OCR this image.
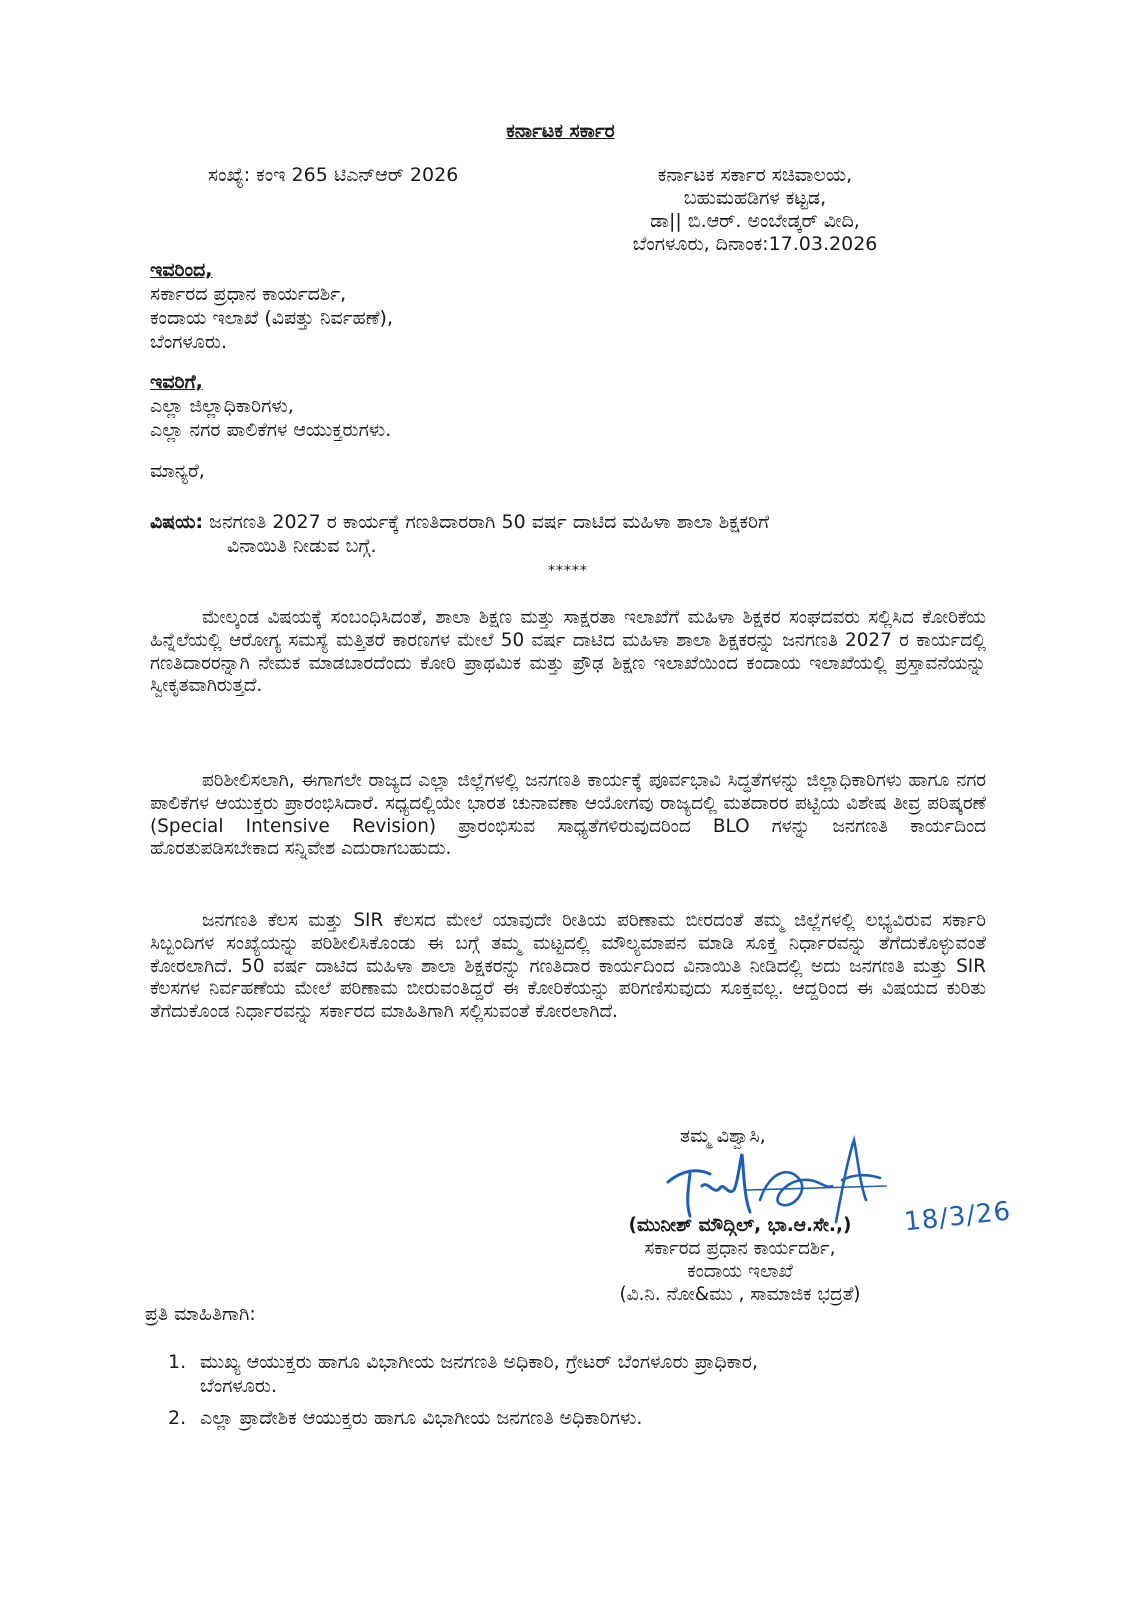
ಕರ್ನಾಟಕ ಸರ್ಕಾರ
ಸಂಖ್ಯೆ: ಕಂಇ 265 ಟಿಎನ್‌ಆರ್ 2026	ಕರ್ನಾಟಕ ಸರ್ಕಾರ ಸಚಿವಾಲಯ,
ಬಹುಮಹಡಿಗಳ ಕಟ್ಟಡ,
ಡಾ|| ಬಿ.ಆರ್. ಅಂಬೇಡ್ಕರ್ ವೀದಿ,
ಬೆಂಗಳೂರು, ದಿನಾಂಕ:17.03.2026
ಇವರಿಂದ,
ಸರ್ಕಾರದ ಪ್ರಧಾನ ಕಾರ್ಯದರ್ಶಿ,
ಕಂದಾಯ ಇಲಾಖೆ (ವಿಪತ್ತು ನಿರ್ವಹಣೆ),
ಬೆಂಗಳೂರು.
ಇವರಿಗೆ,
ಎಲ್ಲಾ ಜಿಲ್ಲಾಧಿಕಾರಿಗಳು,
ಎಲ್ಲಾ ನಗರ ಪಾಲಿಕೆಗಳ ಆಯುಕ್ತರುಗಳು.
ಮಾನ್ಯರೆ,
ವಿಷಯ: ಜನಗಣತಿ 2027 ರ ಕಾರ್ಯಕ್ಕೆ ಗಣತಿದಾರರಾಗಿ 50 ವರ್ಷ ದಾಟಿದ ಮಹಿಳಾ ಶಾಲಾ ಶಿಕ್ಷಕರಿಗೆ
ವಿನಾಯಿತಿ ನೀಡುವ ಬಗ್ಗೆ.
*****

ಮೇಲ್ಕಂಡ ವಿಷಯಕ್ಕೆ ಸಂಬಂಧಿಸಿದಂತೆ, ಶಾಲಾ ಶಿಕ್ಷಣ ಮತ್ತು ಸಾಕ್ಷರತಾ ಇಲಾಖೆಗೆ ಮಹಿಳಾ ಶಿಕ್ಷಕರ ಸಂಘದವರು ಸಲ್ಲಿಸಿದ ಕೋರಿಕೆಯ ಹಿನ್ನೆಲೆಯಲ್ಲಿ ಆರೋಗ್ಯ ಸಮಸ್ಯೆ ಮತ್ತಿತರೆ ಕಾರಣಗಳ ಮೇಲೆ 50 ವರ್ಷ ದಾಟಿದ ಮಹಿಳಾ ಶಾಲಾ ಶಿಕ್ಷಕರನ್ನು ಜನಗಣತಿ 2027 ರ ಕಾರ್ಯದಲ್ಲಿ ಗಣತಿದಾರರನ್ನಾಗಿ ನೇಮಕ ಮಾಡಬಾರದೆಂದು ಕೋರಿ ಪ್ರಾಥಮಿಕ ಮತ್ತು ಪ್ರೌಢ ಶಿಕ್ಷಣ ಇಲಾಖೆಯಿಂದ ಕಂದಾಯ ಇಲಾಖೆಯಲ್ಲಿ ಪ್ರಸ್ತಾವನೆಯನ್ನು ಸ್ವೀಕೃತವಾಗಿರುತ್ತದೆ.

ಪರಿಶೀಲಿಸಲಾಗಿ, ಈಗಾಗಲೇ ರಾಜ್ಯದ ಎಲ್ಲಾ ಜಿಲ್ಲೆಗಳಲ್ಲಿ ಜನಗಣತಿ ಕಾರ್ಯಕ್ಕೆ ಪೂರ್ವಭಾವಿ ಸಿದ್ಧತೆಗಳನ್ನು ಜಿಲ್ಲಾಧಿಕಾರಿಗಳು ಹಾಗೂ ನಗರ ಪಾಲಿಕೆಗಳ ಆಯುಕ್ತರು ಪ್ರಾರಂಭಿಸಿದಾರೆ. ಸಧ್ಯದಲ್ಲಿಯೇ ಭಾರತ ಚುನಾವಣಾ ಆಯೋಗವು ರಾಜ್ಯದಲ್ಲಿ ಮತದಾರರ ಪಟ್ಟಿಯ ವಿಶೇಷ ತೀವ್ರ ಪರಿಷ್ಕರಣೆ (Special Intensive Revision) ಪ್ರಾರಂಭಿಸುವ ಸಾಧ್ಯತೆಗಳಿರುವುದರಿಂದ BLO ಗಳನ್ನು ಜನಗಣತಿ ಕಾರ್ಯದಿಂದ ಹೊರತುಪಡಿಸಬೇಕಾದ ಸನ್ನಿವೇಶ ಎದುರಾಗಬಹುದು.

ಜನಗಣತಿ ಕೆಲಸ ಮತ್ತು SIR ಕೆಲಸದ ಮೇಲೆ ಯಾವುದೇ ರೀತಿಯ ಪರಿಣಾಮ ಬೀರದಂತೆ ತಮ್ಮ ಜಿಲ್ಲೆಗಳಲ್ಲಿ ಲಭ್ಯವಿರುವ ಸರ್ಕಾರಿ ಸಿಬ್ಬಂದಿಗಳ ಸಂಖ್ಯೆಯನ್ನು ಪರಿಶೀಲಿಸಿಕೊಂಡು ಈ ಬಗ್ಗೆ ತಮ್ಮ ಮಟ್ಟದಲ್ಲಿ ಮೌಲ್ಯಮಾಪನ ಮಾಡಿ ಸೂಕ್ತ ನಿರ್ಧಾರವನ್ನು ತೆಗೆದುಕೊಳ್ಳುವಂತೆ ಕೋರಲಾಗಿದೆ. 50 ವರ್ಷ ದಾಟಿದ ಮಹಿಳಾ ಶಾಲಾ ಶಿಕ್ಷಕರನ್ನು ಗಣತಿದಾರ ಕಾರ್ಯದಿಂದ ವಿನಾಯಿತಿ ನೀಡಿದಲ್ಲಿ ಅದು ಜನಗಣತಿ ಮತ್ತು SIR ಕೆಲಸಗಳ ನಿರ್ವಹಣೆಯ ಮೇಲೆ ಪರಿಣಾಮ ಬೀರುವಂತಿದ್ದರೆ ಈ ಕೋರಿಕೆಯನ್ನು ಪರಿಗಣಿಸುವುದು ಸೂಕ್ತವಲ್ಲ. ಆದ್ದರಿಂದ ಈ ವಿಷಯದ ಕುರಿತು ತೆಗೆದುಕೊಂಡ ನಿರ್ಧಾರವನ್ನು ಸರ್ಕಾರದ ಮಾಹಿತಿಗಾಗಿ ಸಲ್ಲಿಸುವಂತೆ ಕೋರಲಾಗಿದೆ.

ತಮ್ಮ ವಿಶ್ವಾಸಿ,
18/3/26
(ಮುನೀಶ್ ಮೌದ್ಗಿಲ್, ಭಾ.ಆ.ಸೇ.,)
ಸರ್ಕಾರದ ಪ್ರಧಾನ ಕಾರ್ಯದರ್ಶಿ,
ಕಂದಾಯ ಇಲಾಖೆ
(ವಿ.ನಿ. ನೋ&ಮು , ಸಾಮಾಜಿಕ ಭದ್ರತೆ)
ಪ್ರತಿ ಮಾಹಿತಿಗಾಗಿ:
1. ಮುಖ್ಯ ಆಯುಕ್ತರು ಹಾಗೂ ವಿಭಾಗೀಯ ಜನಗಣತಿ ಅಧಿಕಾರಿ, ಗ್ರೇಟರ್ ಬೆಂಗಳೂರು ಪ್ರಾಧಿಕಾರ,
ಬೆಂಗಳೂರು.
2. ಎಲ್ಲಾ ಪ್ರಾದೇಶಿಕ ಆಯುಕ್ತರು ಹಾಗೂ ವಿಭಾಗೀಯ ಜನಗಣತಿ ಅಧಿಕಾರಿಗಳು.
